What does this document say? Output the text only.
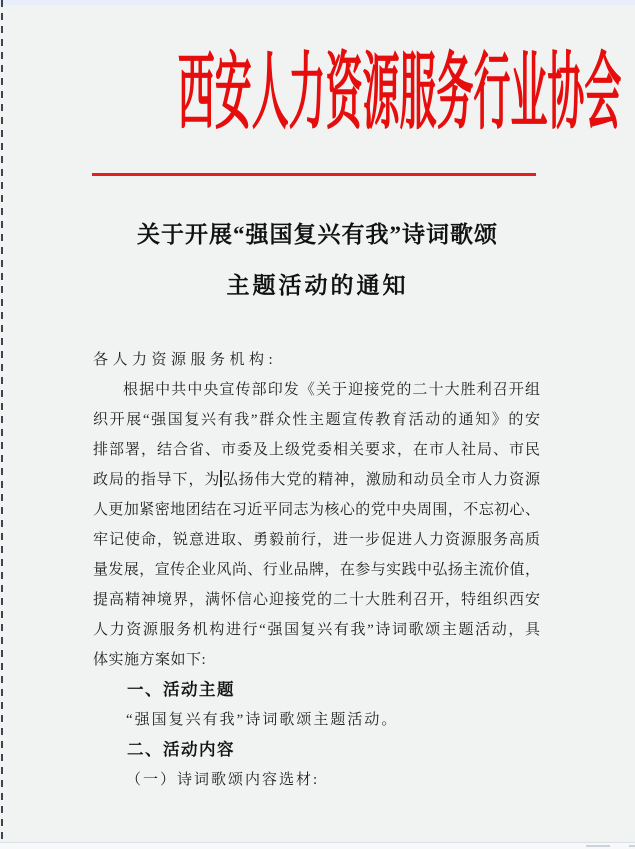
西安人力资源服务行业协会
关于开展“强国复兴有我”诗词歌颂
主题活动的通知
各人力资源服务机构:
根据中共中央宣传部印发《关于迎接党的二十大胜利召开组
织开展“强国复兴有我”群众性主题宣传教育活动的通知》的安
排部署，结合省、市委及上级党委相关要求，在市人社局、市民
政局的指导下，为 弘扬伟大党的精神，激励和动员全市人力资源
人更加紧密地团结在习近平同志为核心的党中央周围，不忘初心、
牢记使命，锐意进取、勇毅前行，进一步促进人力资源服务高质
量发展，宣传企业风尚、行业品牌，在参与实践中弘扬主流价值，
提高精神境界，满怀信心迎接党的二十大胜利召开，特组织西安
人力资源服务机构进行“强国复兴有我”诗词歌颂主题活动，具
体实施方案如下:
一、活动主题
“强国复兴有我”诗词歌颂主题活动。
二、活动内容
（一）诗词歌颂内容选材:
